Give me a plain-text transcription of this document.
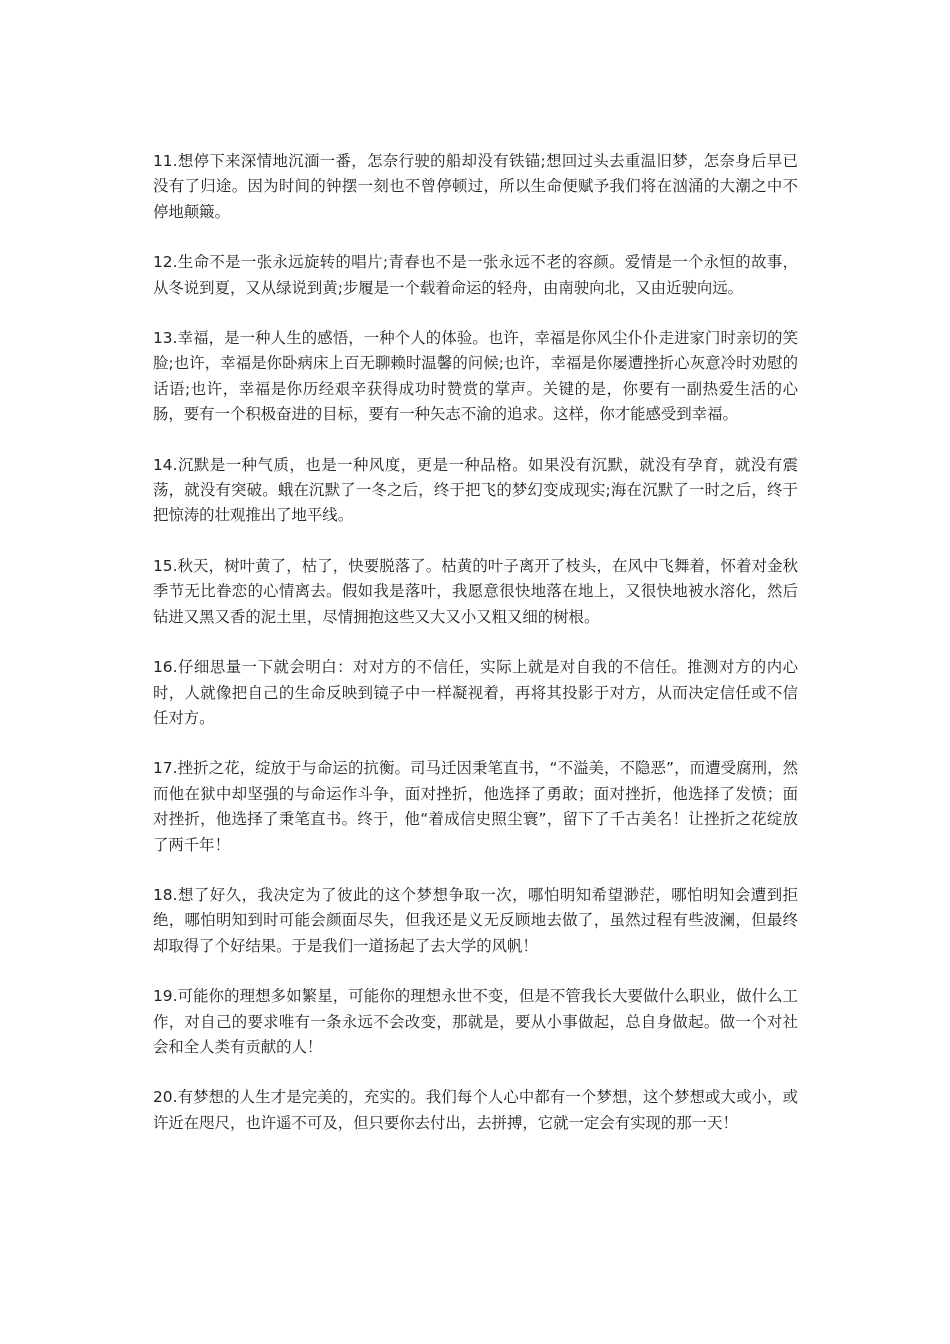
11.想停下来深情地沉湎一番，怎奈行驶的船却没有铁锚;想回过头去重温旧梦，怎奈身后早已没有了归途。因为时间的钟摆一刻也不曾停顿过，所以生命便赋予我们将在汹涌的大潮之中不停地颠簸。

12.生命不是一张永远旋转的唱片;青春也不是一张永远不老的容颜。爱情是一个永恒的故事，从冬说到夏，又从绿说到黄;步履是一个载着命运的轻舟，由南驶向北，又由近驶向远。

13.幸福，是一种人生的感悟，一种个人的体验。也许，幸福是你风尘仆仆走进家门时亲切的笑脸;也许，幸福是你卧病床上百无聊赖时温馨的问候;也许，幸福是你屡遭挫折心灰意冷时劝慰的话语;也许，幸福是你历经艰辛获得成功时赞赏的掌声。关键的是，你要有一副热爱生活的心肠，要有一个积极奋进的目标，要有一种矢志不渝的追求。这样，你才能感受到幸福。

14.沉默是一种气质，也是一种风度，更是一种品格。如果没有沉默，就没有孕育，就没有震荡，就没有突破。蛾在沉默了一冬之后，终于把飞的梦幻变成现实;海在沉默了一时之后，终于把惊涛的壮观推出了地平线。

15.秋天，树叶黄了，枯了，快要脱落了。枯黄的叶子离开了枝头，在风中飞舞着，怀着对金秋季节无比眷恋的心情离去。假如我是落叶，我愿意很快地落在地上，又很快地被水溶化，然后钻进又黑又香的泥土里，尽情拥抱这些又大又小又粗又细的树根。

16.仔细思量一下就会明白：对对方的不信任，实际上就是对自我的不信任。推测对方的内心时，人就像把自己的生命反映到镜子中一样凝视着，再将其投影于对方，从而决定信任或不信任对方。

17.挫折之花，绽放于与命运的抗衡。司马迁因秉笔直书，“不溢美，不隐恶”，而遭受腐刑，然而他在狱中却坚强的与命运作斗争，面对挫折，他选择了勇敢；面对挫折，他选择了发愤；面对挫折，他选择了秉笔直书。终于，他“着成信史照尘寰”，留下了千古美名！让挫折之花绽放了两千年！

18.想了好久，我决定为了彼此的这个梦想争取一次，哪怕明知希望渺茫，哪怕明知会遭到拒绝，哪怕明知到时可能会颜面尽失，但我还是义无反顾地去做了，虽然过程有些波澜，但最终却取得了个好结果。于是我们一道扬起了去大学的风帆！

19.可能你的理想多如繁星，可能你的理想永世不变，但是不管我长大要做什么职业，做什么工作，对自己的要求唯有一条永远不会改变，那就是，要从小事做起，总自身做起。做一个对社会和全人类有贡献的人！

20.有梦想的人生才是完美的，充实的。我们每个人心中都有一个梦想，这个梦想或大或小，或许近在咫尺，也许遥不可及，但只要你去付出，去拼搏，它就一定会有实现的那一天！
